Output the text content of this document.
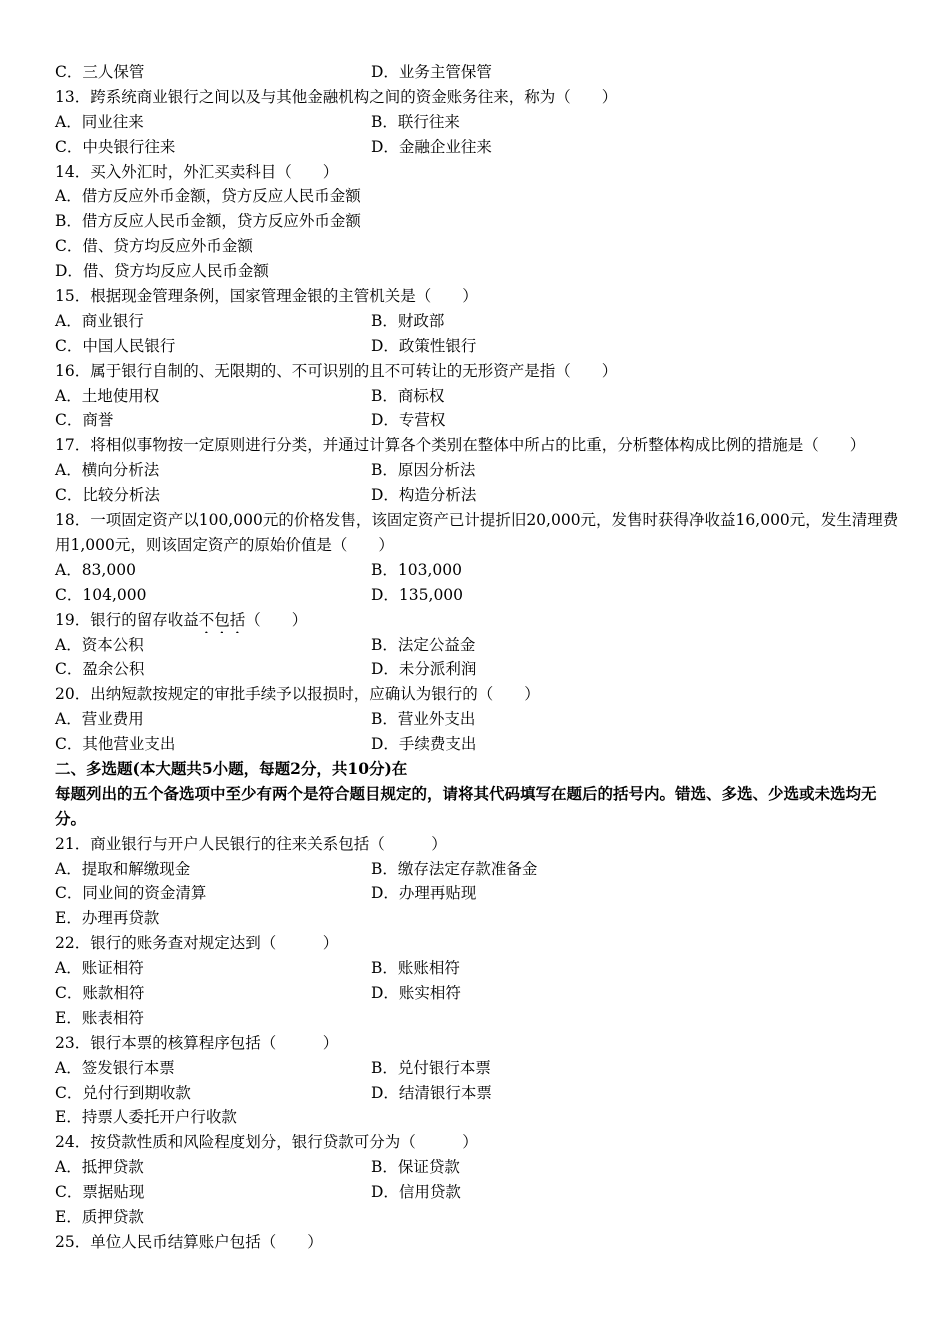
C．三人保管	D．业务主管保管
13．跨系统商业银行之间以及与其他金融机构之间的资金账务往来，称为（　　）
A．同业往来	B．联行往来
C．中央银行往来	D．金融企业往来
14．买入外汇时，外汇买卖科目（　　）
A．借方反应外币金额，贷方反应人民币金额
B．借方反应人民币金额，贷方反应外币金额
C．借、贷方均反应外币金额
D．借、贷方均反应人民币金额
15．根据现金管理条例，国家管理金银的主管机关是（　　）
A．商业银行	B．财政部
C．中国人民银行	D．政策性银行
16．属于银行自制的、无限期的、不可识别的且不可转让的无形资产是指（　　）
A．土地使用权	B．商标权
C．商誉	D．专营权
17．将相似事物按一定原则进行分类，并通过计算各个类别在整体中所占的比重，分析整体构成比例的措施是（　　）
A．横向分析法	B．原因分析法
C．比较分析法	D．构造分析法
18．一项固定资产以100,000元的价格发售，该固定资产已计提折旧20,000元，发售时获得净收益16,000元，发生清理费用1,000元，则该固定资产的原始价值是（　　）
A．83,000	B．103,000
C．104,000	D．135,000
19．银行的留存收益不包括（　　）
A．资本公积	B．法定公益金
C．盈余公积	D．未分派利润
20．出纳短款按规定的审批手续予以报损时，应确认为银行的（　　）
A．营业费用	B．营业外支出
C．其他营业支出	D．手续费支出
二、多选题(本大题共5小题，每题2分，共10分)在
每题列出的五个备选项中至少有两个是符合题目规定的，请将其代码填写在题后的括号内。错选、多选、少选或未选均无分。
21．商业银行与开户人民银行的往来关系包括（　　　）
A．提取和解缴现金	B．缴存法定存款准备金
C．同业间的资金清算	D．办理再贴现
E．办理再贷款
22．银行的账务查对规定达到（　　　）
A．账证相符	B．账账相符
C．账款相符	D．账实相符
E．账表相符
23．银行本票的核算程序包括（　　　）
A．签发银行本票	B．兑付银行本票
C．兑付行到期收款	D．结清银行本票
E．持票人委托开户行收款
24．按贷款性质和风险程度划分，银行贷款可分为（　　　）
A．抵押贷款	B．保证贷款
C．票据贴现	D．信用贷款
E．质押贷款
25．单位人民币结算账户包括（　　）
